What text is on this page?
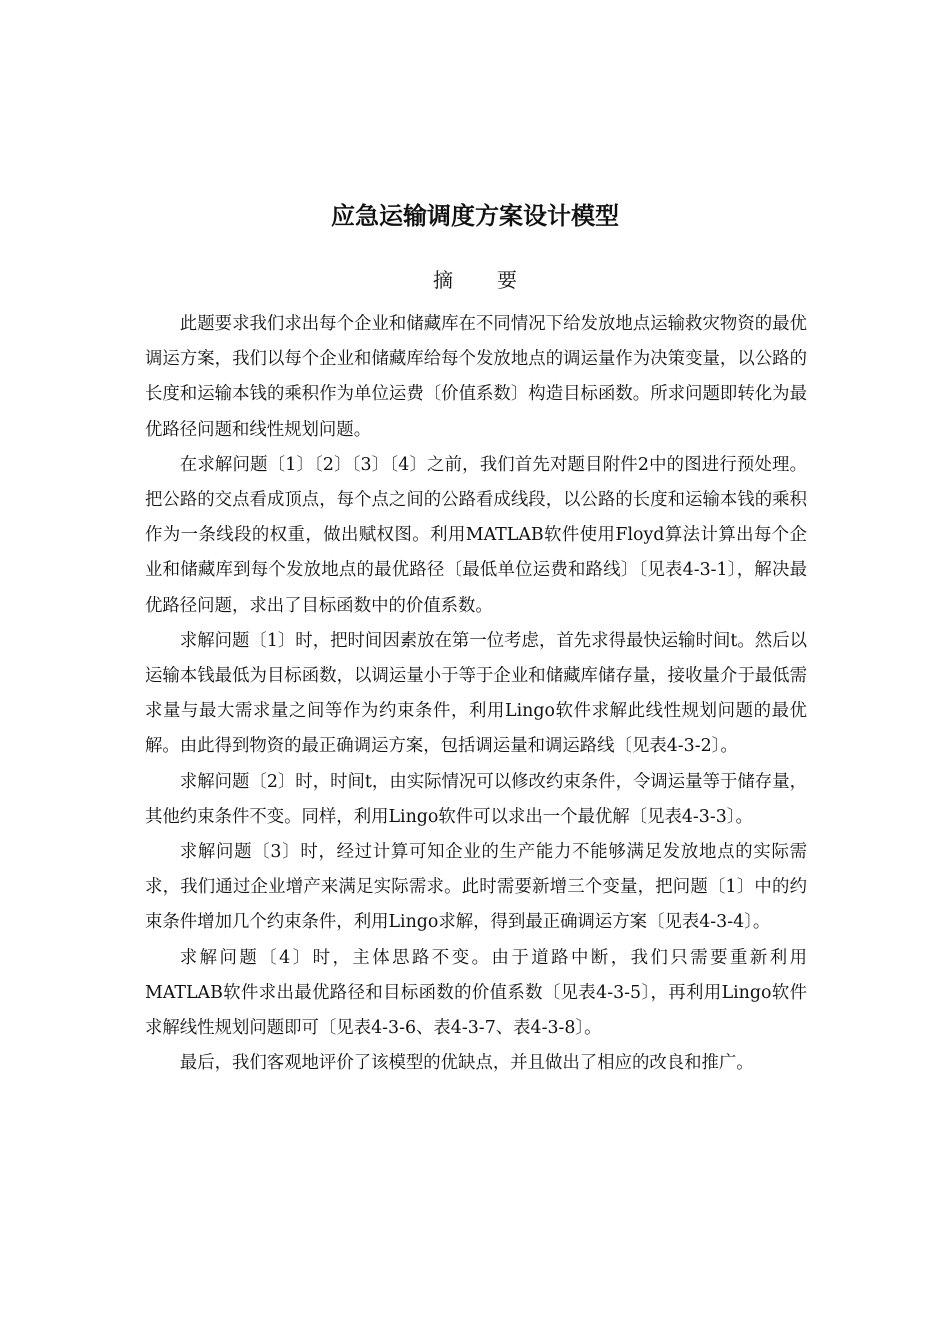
应急运输调度方案设计模型
摘 要

此题要求我们求出每个企业和储藏库在不同情况下给发放地点运输救灾物资的最优调运方案，我们以每个企业和储藏库给每个发放地点的调运量作为决策变量，以公路的长度和运输本钱的乘积作为单位运费〔价值系数〕构造目标函数。所求问题即转化为最优路径问题和线性规划问题。

在求解问题〔1〕〔2〕〔3〕〔4〕之前，我们首先对题目附件2中的图进行预处理。把公路的交点看成顶点，每个点之间的公路看成线段，以公路的长度和运输本钱的乘积作为一条线段的权重，做出赋权图。利用MATLAB软件使用Floyd算法计算出每个企业和储藏库到每个发放地点的最优路径〔最低单位运费和路线〕〔见表4-3-1〕，解决最优路径问题，求出了目标函数中的价值系数。

求解问题〔1〕时，把时间因素放在第一位考虑，首先求得最快运输时间t。然后以运输本钱最低为目标函数，以调运量小于等于企业和储藏库储存量，接收量介于最低需求量与最大需求量之间等作为约束条件，利用Lingo软件求解此线性规划问题的最优解。由此得到物资的最正确调运方案，包括调运量和调运路线〔见表4-3-2〕。

求解问题〔2〕时，时间t，由实际情况可以修改约束条件，令调运量等于储存量，其他约束条件不变。同样，利用Lingo软件可以求出一个最优解〔见表4-3-3〕。

求解问题〔3〕时，经过计算可知企业的生产能力不能够满足发放地点的实际需求，我们通过企业增产来满足实际需求。此时需要新增三个变量，把问题〔1〕中的约束条件增加几个约束条件，利用Lingo求解，得到最正确调运方案〔见表4-3-4〕。

求解问题〔4〕时，主体思路不变。由于道路中断，我们只需要重新利用MATLAB软件求出最优路径和目标函数的价值系数〔见表4-3-5〕，再利用Lingo软件求解线性规划问题即可〔见表4-3-6、表4-3-7、表4-3-8〕。

最后，我们客观地评价了该模型的优缺点，并且做出了相应的改良和推广。
